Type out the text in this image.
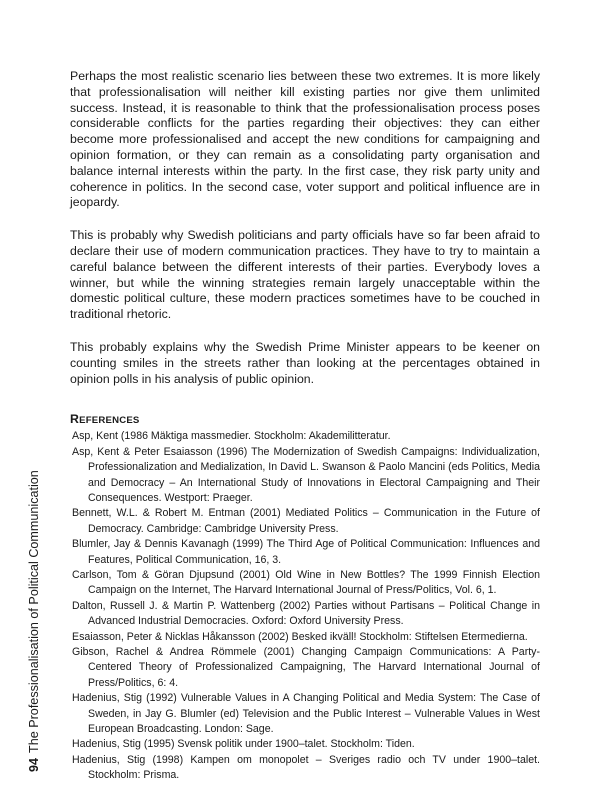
Perhaps the most realistic scenario lies between these two extremes. It is more likely that professionalisation will neither kill existing parties nor give them unlimited success. Instead, it is reasonable to think that the professionalisation process poses considerable conflicts for the parties regarding their objectives: they can either become more professionalised and accept the new conditions for campaigning and opinion formation, or they can remain as a consolidating party organisation and balance internal interests within the party. In the first case, they risk party unity and coherence in politics. In the second case, voter support and political influence are in jeopardy.

This is probably why Swedish politicians and party officials have so far been afraid to declare their use of modern communication practices. They have to try to maintain a careful balance between the different interests of their parties. Everybody loves a winner, but while the winning strategies remain largely unacceptable within the domestic political culture, these modern practices sometimes have to be couched in traditional rhetoric.

This probably explains why the Swedish Prime Minister appears to be keener on counting smiles in the streets rather than looking at the percentages obtained in opinion polls in his analysis of public opinion.

REFERENCES
Asp, Kent (1986 Mäktiga massmedier. Stockholm: Akademilitteratur.
Asp, Kent & Peter Esaiasson (1996) The Modernization of Swedish Campaigns: Individualization, Professionalization and Medialization, In David L. Swanson & Paolo Mancini (eds Politics, Media and Democracy – An International Study of Innovations in Electoral Campaigning and Their Consequences. Westport: Praeger.
Bennett, W.L. & Robert M. Entman (2001) Mediated Politics – Communication in the Future of Democracy. Cambridge: Cambridge University Press.
Blumler, Jay & Dennis Kavanagh (1999) The Third Age of Political Communication: Influences and Features, Political Communication, 16, 3.
Carlson, Tom & Göran Djupsund (2001) Old Wine in New Bottles? The 1999 Finnish Election Campaign on the Internet, The Harvard International Journal of Press/Politics, Vol. 6, 1.
Dalton, Russell J. & Martin P. Wattenberg (2002) Parties without Partisans – Political Change in Advanced Industrial Democracies. Oxford: Oxford University Press.
Esaiasson, Peter & Nicklas Håkansson (2002) Besked ikväll! Stockholm: Stiftelsen Etermedierna.
Gibson, Rachel & Andrea Römmele (2001) Changing Campaign Communications: A Party-Centered Theory of Professionalized Campaigning, The Harvard International Journal of Press/Politics, 6: 4.
Hadenius, Stig (1992) Vulnerable Values in A Changing Political and Media System: The Case of Sweden, in Jay G. Blumler (ed) Television and the Public Interest – Vulnerable Values in West European Broadcasting. London: Sage.
Hadenius, Stig (1995) Svensk politik under 1900–talet. Stockholm: Tiden.
Hadenius, Stig (1998) Kampen om monopolet – Sveriges radio och TV under 1900–talet. Stockholm: Prisma.
94The Professionalisation of Political Communication
